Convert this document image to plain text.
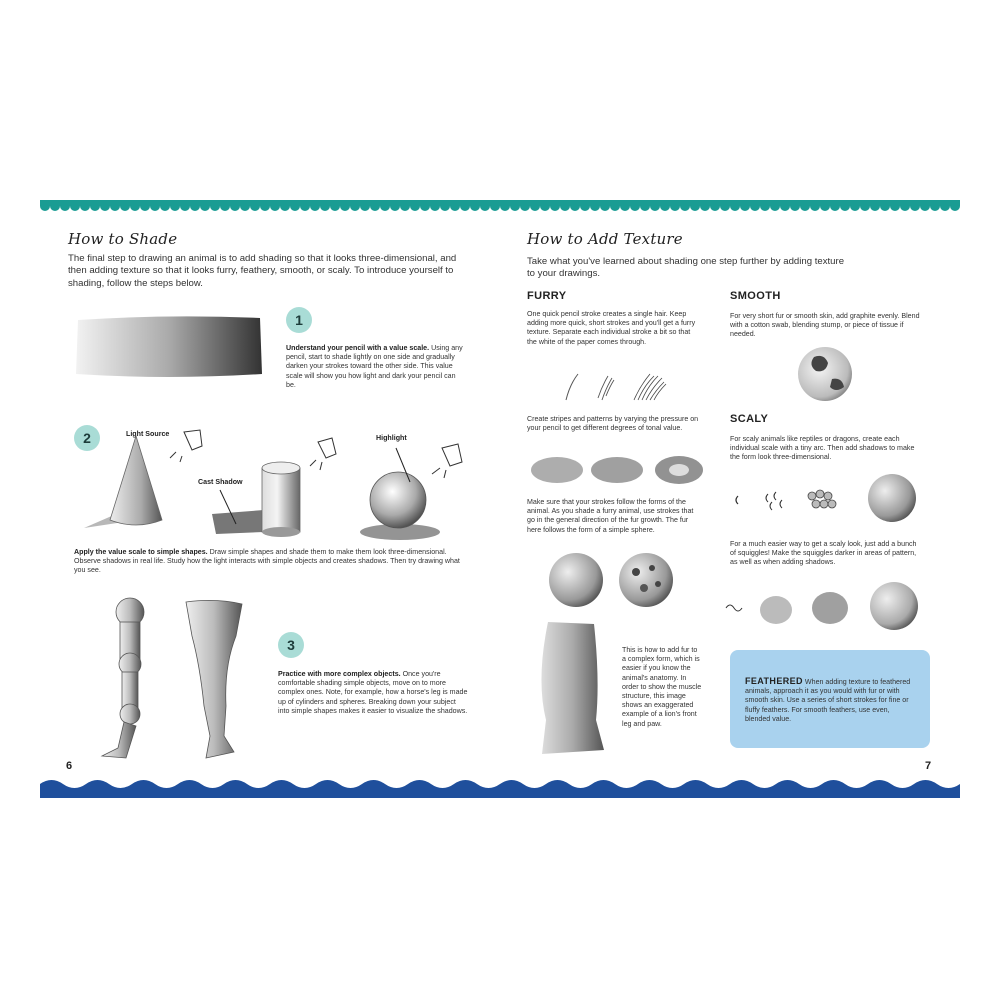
How to Shade
The final step to drawing an animal is to add shading so that it looks three-dimensional, and then adding texture so that it looks furry, feathery, smooth, or scaly. To introduce yourself to shading, follow the steps below.
1
Understand your pencil with a value scale. Using any pencil, start to shade lightly on one side and gradually darken your strokes toward the other side. This value scale will show you how light and dark your pencil can be.
2	Light Source
Cast Shadow
Highlight
Apply the value scale to simple shapes. Draw simple shapes and shade them to make them look three-dimensional. Observe shadows in real life. Study how the light interacts with simple objects and creates shadows. Then try drawing what you see.
3
Practice with more complex objects. Once you're comfortable shading simple objects, move on to more complex ones. Note, for example, how a horse's leg is made up of cylinders and spheres. Breaking down your subject into simple shapes makes it easier to visualize the shadows.
6
How to Add Texture
Take what you've learned about shading one step further by adding texture to your drawings.
FURRY
One quick pencil stroke creates a single hair. Keep adding more quick, short strokes and you'll get a furry texture. Separate each individual stroke a bit so that the white of the paper comes through.
Create stripes and patterns by varying the pressure on your pencil to get different degrees of tonal value.
Make sure that your strokes follow the forms of the animal. As you shade a furry animal, use strokes that go in the general direction of the fur growth. The fur here follows the form of a simple sphere.
This is how to add fur to a complex form, which is easier if you know the animal's anatomy. In order to show the muscle structure, this image shows an exaggerated example of a lion's front leg and paw.
SMOOTH
For very short fur or smooth skin, add graphite evenly. Blend with a cotton swab, blending stump, or piece of tissue if needed.
SCALY
For scaly animals like reptiles or dragons, create each individual scale with a tiny arc. Then add shadows to make the form look three-dimensional.
For a much easier way to get a scaly look, just add a bunch of squiggles! Make the squiggles darker in areas of pattern, as well as when adding shadows.
FEATHERED When adding texture to feathered animals, approach it as you would with fur or with smooth skin. Use a series of short strokes for fine or fluffy feathers. For smooth feathers, use even, blended value.
7
